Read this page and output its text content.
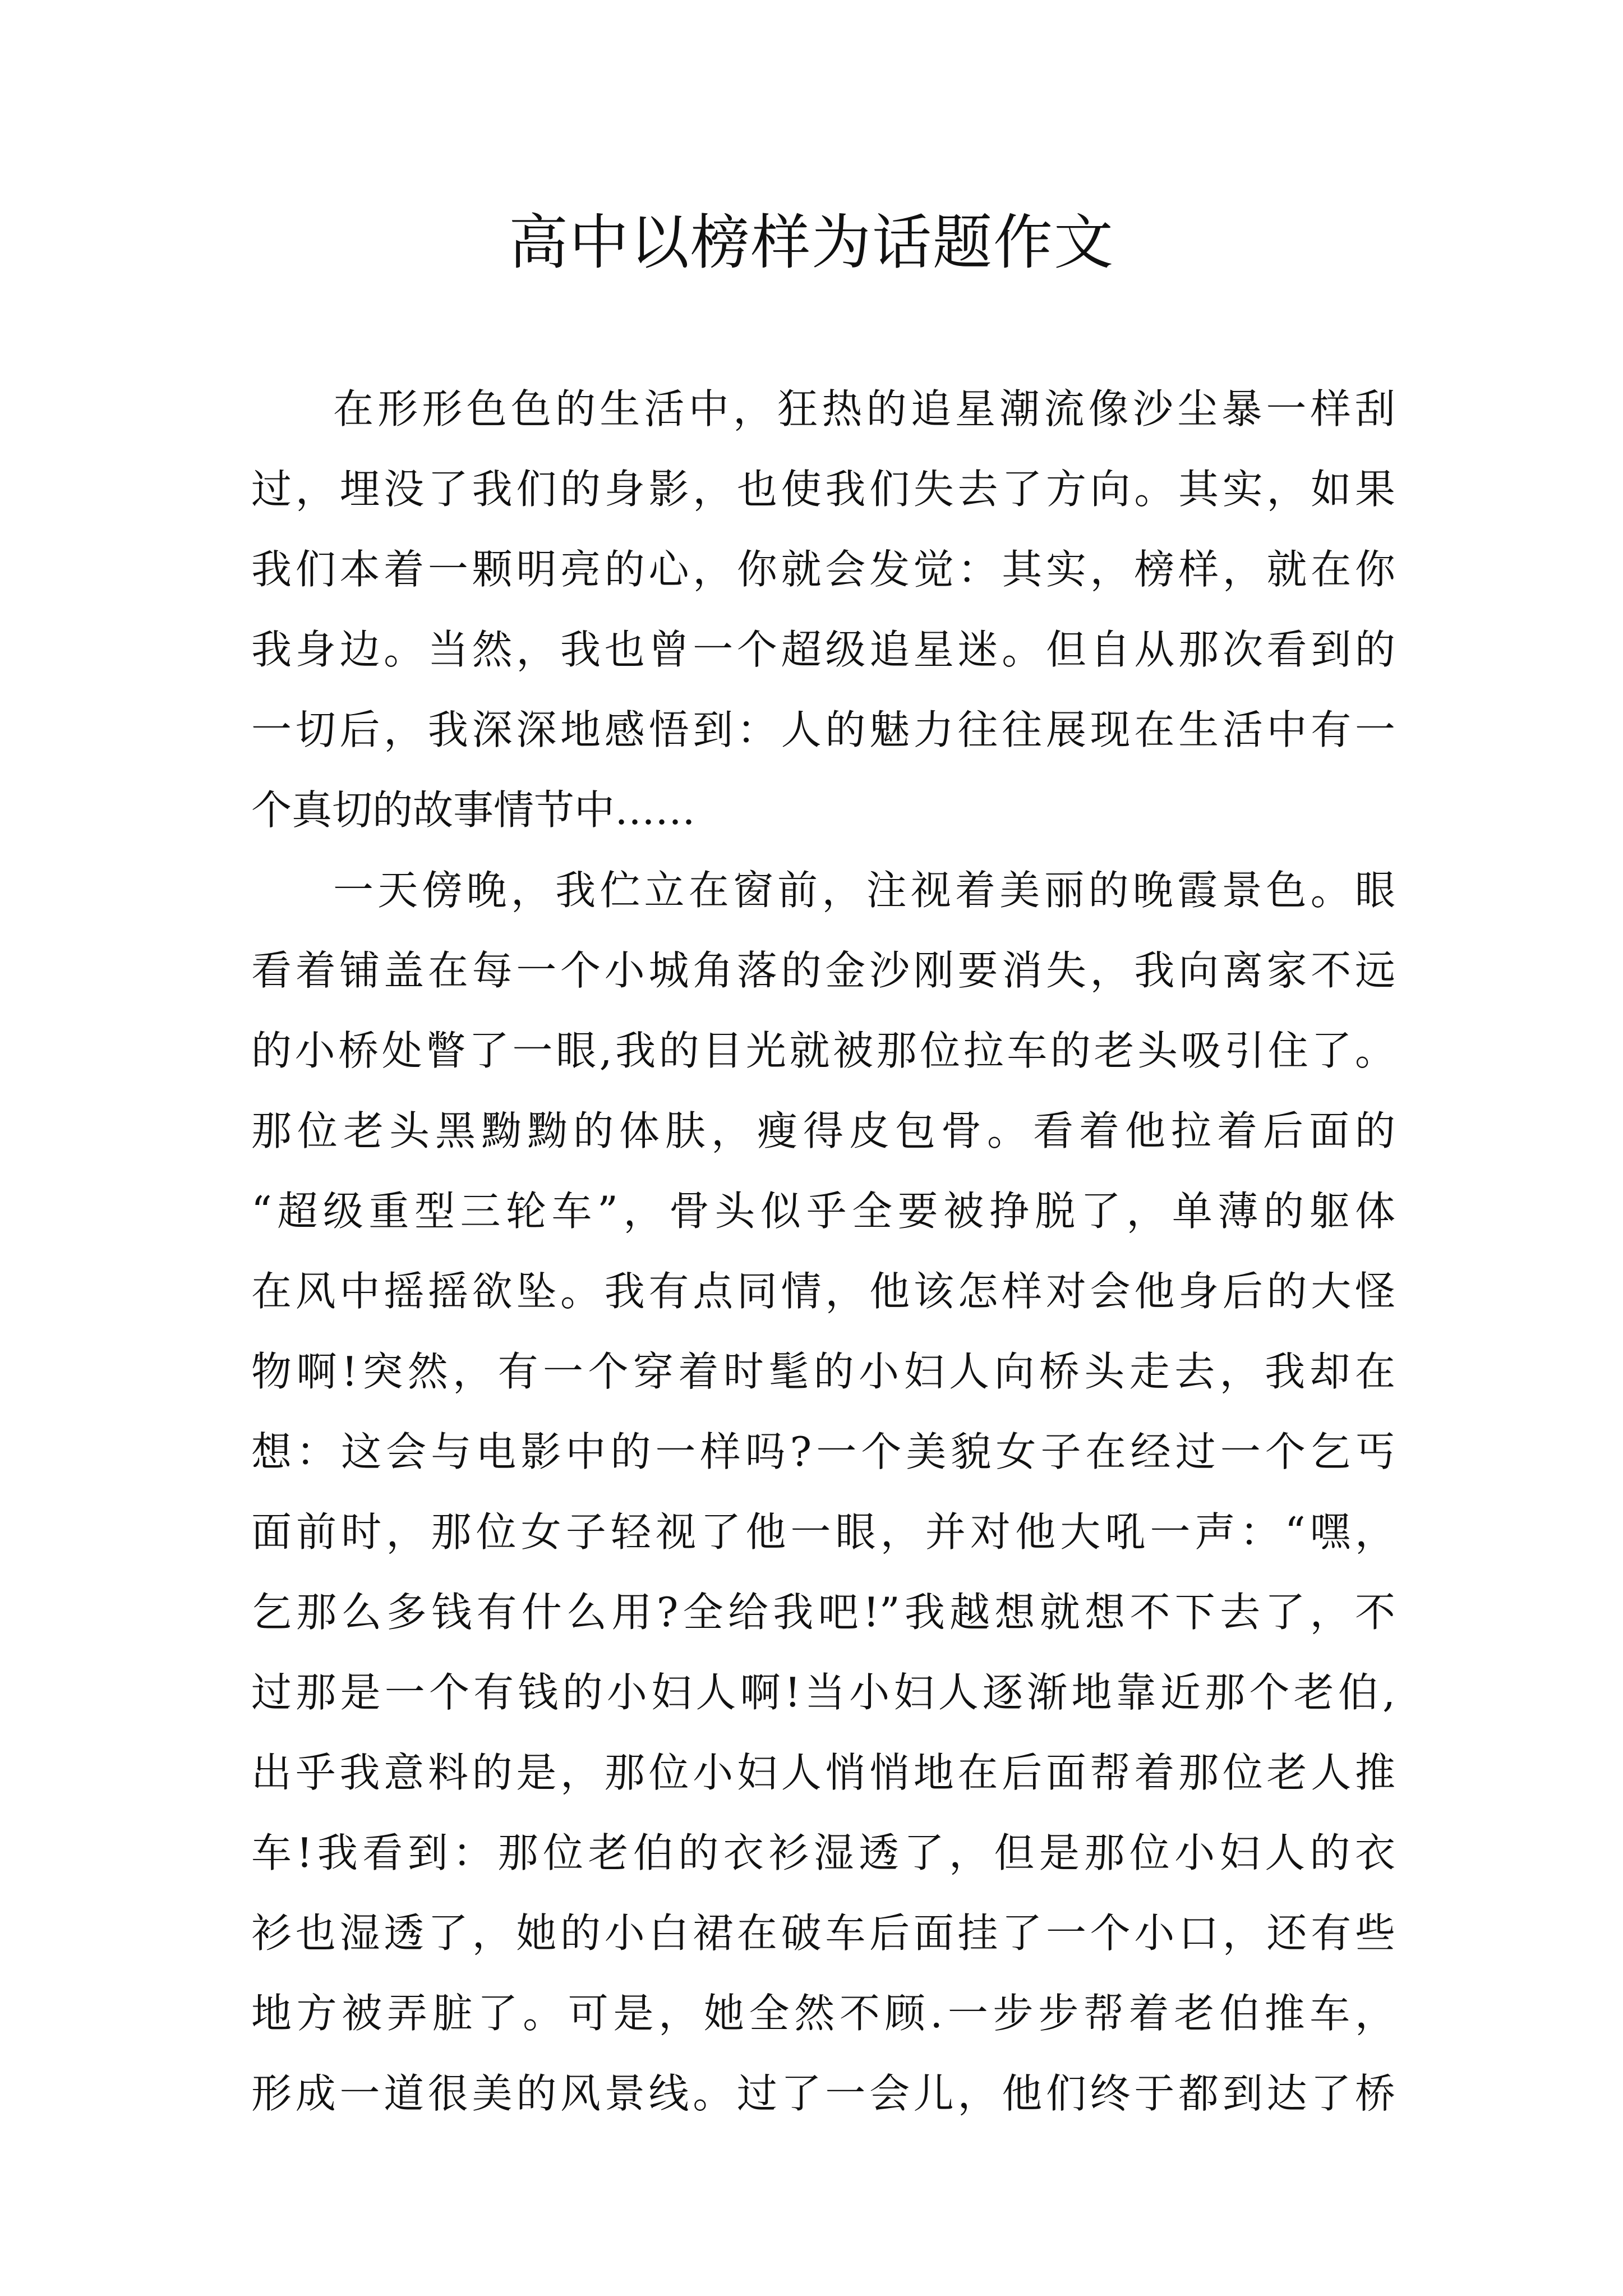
高中以榜样为话题作文
在形形色色的生活中，狂热的追星潮流像沙尘暴一样刮
过，埋没了我们的身影，也使我们失去了方向。其实，如果
我们本着一颗明亮的心，你就会发觉：其实，榜样，就在你
我身边。当然，我也曾一个超级追星迷。但自从那次看到的
一切后，我深深地感悟到：人的魅力往往展现在生活中有一
个真切的故事情节中……
一天傍晚，我伫立在窗前，注视着美丽的晚霞景色。眼
看着铺盖在每一个小城角落的金沙刚要消失，我向离家不远
的小桥处瞥了一眼,我的目光就被那位拉车的老头吸引住了。
那位老头黑黝黝的体肤，瘦得皮包骨。看着他拉着后面的
“超级重型三轮车”，骨头似乎全要被挣脱了，单薄的躯体
在风中摇摇欲坠。我有点同情，他该怎样对会他身后的大怪
物啊!突然，有一个穿着时髦的小妇人向桥头走去，我却在
想：这会与电影中的一样吗?一个美貌女子在经过一个乞丐
面前时，那位女子轻视了他一眼，并对他大吼一声：“嘿，
乞那么多钱有什么用?全给我吧!”我越想就想不下去了，不
过那是一个有钱的小妇人啊!当小妇人逐渐地靠近那个老伯,
出乎我意料的是，那位小妇人悄悄地在后面帮着那位老人推
车!我看到：那位老伯的衣衫湿透了，但是那位小妇人的衣
衫也湿透了，她的小白裙在破车后面挂了一个小口，还有些
地方被弄脏了。可是，她全然不顾.一步步帮着老伯推车，
形成一道很美的风景线。过了一会儿，他们终于都到达了桥
